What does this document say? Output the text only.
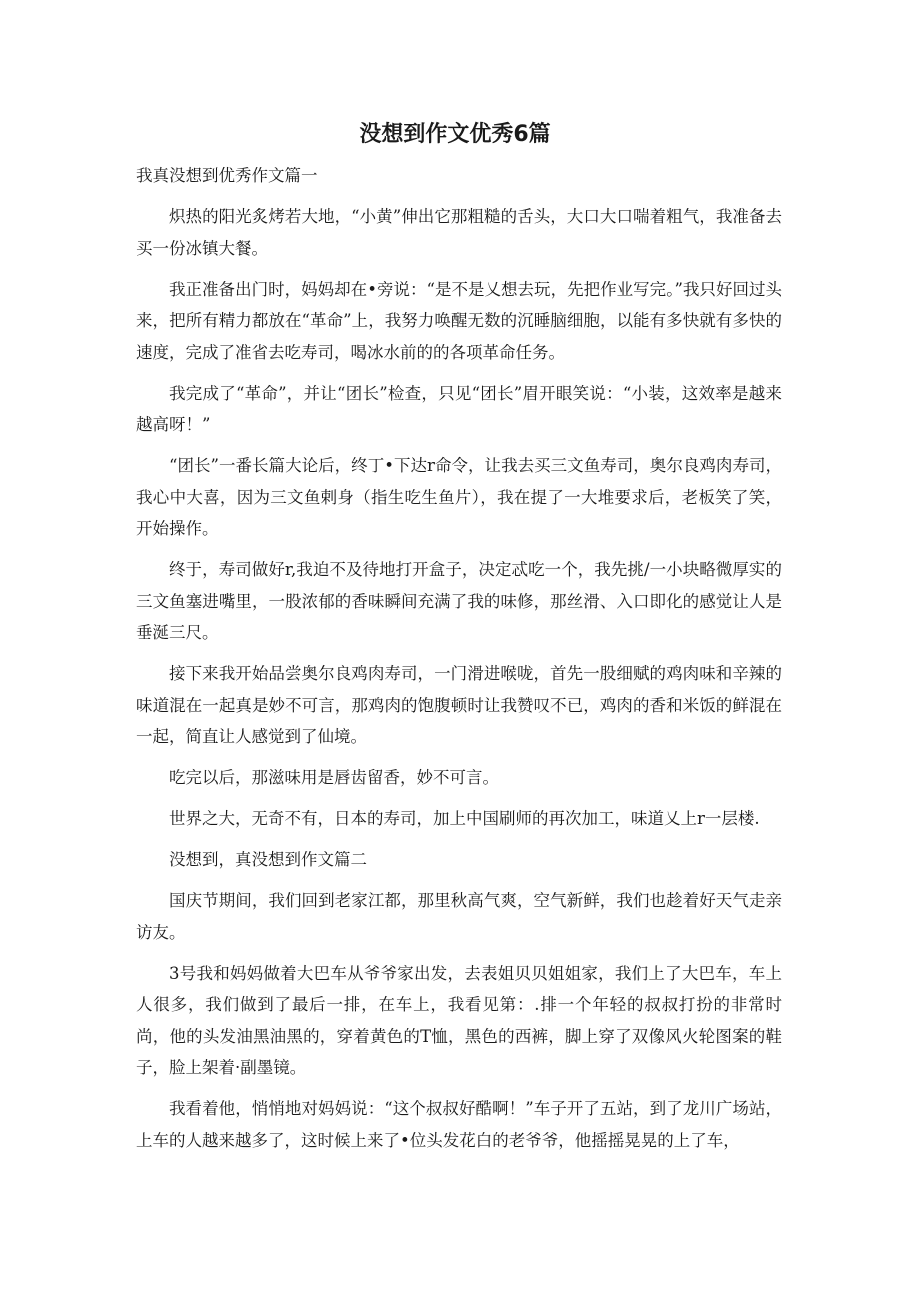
没想到作文优秀6篇

我真没想到优秀作文篇一

炽热的阳光炙烤若大地，“小黄”伸出它那粗糙的舌头，大口大口喘着粗气，我准备去买一份冰镇大餐。

我正准备出门时，妈妈却在•旁说：“是不是乂想去玩，先把作业写完。”我只好回过头来，把所有精力都放在“革命”上，我努力唤醒无数的沉睡脑细胞，以能有多快就有多快的速度，完成了准省去吃寿司，喝冰水前的的各项革命任务。

我完成了“革命”，并让“团长”检查，只见“团长”眉开眼笑说：“小装，这效率是越来越高呀！”

“团长”一番长篇大论后，终丁•下达r命令，让我去买三文鱼寿司，奥尔良鸡肉寿司，我心中大喜，因为三文鱼剌身（指生吃生鱼片），我在提了一大堆要求后，老板笑了笑，开始操作。

终于，寿司做好r,我迫不及待地打开盒子，决定忒吃一个，我先挑/一小块略微厚实的三文鱼塞进嘴里，一股浓郁的香味瞬间充满了我的味修，那丝滑、入口即化的感觉让人是垂涎三尺。

接下来我开始品尝奥尔良鸡肉寿司，一门滑进喉咙，首先一股细赋的鸡肉味和辛辣的味道混在一起真是妙不可言，那鸡肉的饱腹顿时让我赞叹不已，鸡肉的香和米饭的鲜混在一起，简直让人感觉到了仙境。

吃完以后，那滋味用是唇齿留香，妙不可言。

世界之大，无奇不有，日本的寿司，加上中国刷师的再次加工，味道乂上r一层楼.

没想到，真没想到作文篇二

国庆节期间，我们回到老家江都，那里秋高气爽，空气新鲜，我们也趁着好天气走亲访友。

3号我和妈妈做着大巴车从爷爷家出发，去表姐贝贝姐姐家，我们上了大巴车，车上人很多，我们做到了最后一排，在车上，我看见第：.排一个年轻的叔叔打扮的非常时尚，他的头发油黑油黑的，穿着黄色的T恤，黑色的西裤，脚上穿了双像风火轮图案的鞋子，脸上架着·副墨镜。

我看着他，悄悄地对妈妈说：“这个叔叔好酷啊！”车子开了五站，到了龙川广场站，上车的人越来越多了，这时候上来了•位头发花白的老爷爷，他摇摇晃晃的上了车，
